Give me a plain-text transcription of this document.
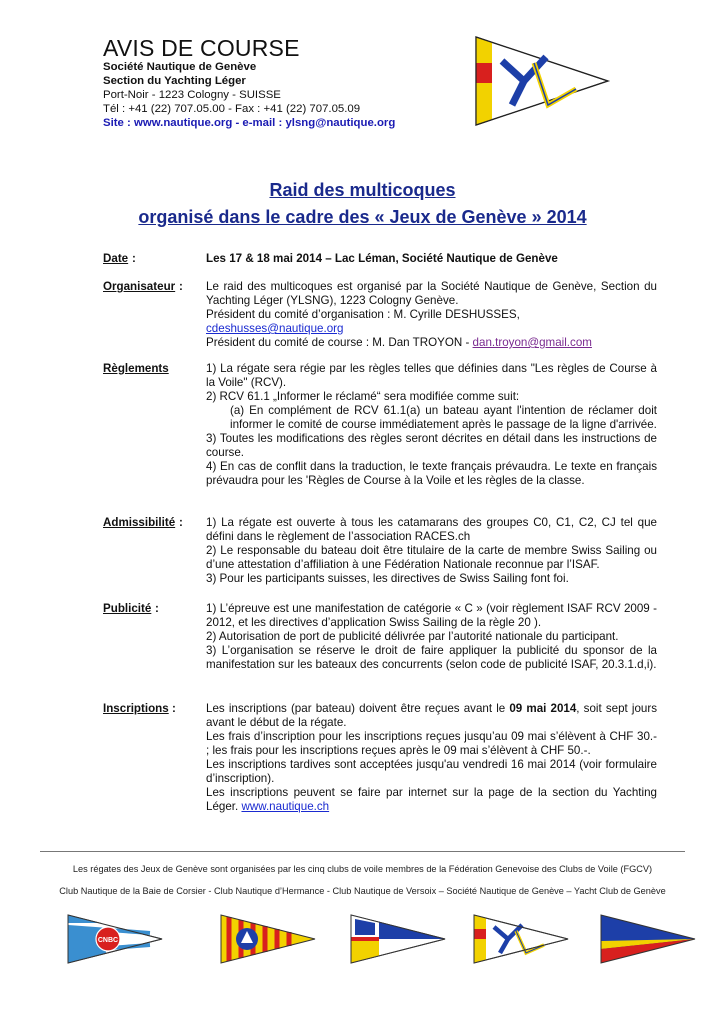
AVIS DE COURSE
Société Nautique de Genève
Section du Yachting Léger
Port-Noir - 1223 Cologny - SUISSE
Tél : +41 (22) 707.05.00 - Fax : +41 (22) 707.05.09
Site : www.nautique.org - e-mail : ylsng@nautique.org
Raid des multicoques
organisé dans le cadre des « Jeux de Genève » 2014
Date :	Les 17 & 18 mai 2014 – Lac Léman, Société Nautique de Genève
Organisateur : Le raid des multicoques est organisé par la Société Nautique de Genève, Section du Yachting Léger (YLSNG), 1223 Cologny Genève.

Président du comité d’organisation : M. Cyrille DESHUSSES,

cdeshusses@nautique.org

Président du comité de course : M. Dan TROYON - dan.troyon@gmail.com

Règlements	1) La régate sera régie par les règles telles que définies dans "Les règles de Course à la Voile" (RCV).

2) RCV 61.1 „Informer le réclamé“ sera modifiée comme suit:

(a) En complément de RCV 61.1(a) un bateau ayant l'intention de réclamer doit informer le comité de course immédiatement après le passage de la ligne d'arrivée.

3) Toutes les modifications des règles seront décrites en détail dans les instructions de course.

4) En cas de conflit dans la traduction, le texte français prévaudra. Le texte en français prévaudra pour les 'Règles de Course à la Voile et les règles de la classe.

Admissibilité : 1) La régate est ouverte à tous les catamarans des groupes C0, C1, C2, CJ tel que défini dans le règlement de l’association RACES.ch

2) Le responsable du bateau doit être titulaire de la carte de membre Swiss Sailing ou d’une attestation d’affiliation à une Fédération Nationale reconnue par l’ISAF.

3) Pour les participants suisses, les directives de Swiss Sailing font foi.

Publicité :	1) L’épreuve est une manifestation de catégorie « C » (voir règlement ISAF RCV 2009 - 2012, et les directives d’application Swiss Sailing de la règle 20 ).

2) Autorisation de port de publicité délivrée par l’autorité nationale du participant.

3) L’organisation se réserve le droit de faire appliquer la publicité du sponsor de la manifestation sur les bateaux des concurrents (selon code de publicité ISAF, 20.3.1.d,i).

Inscriptions :	Les inscriptions (par bateau) doivent être reçues avant le 09 mai 2014, soit sept jours avant le début de la régate.

Les frais d’inscription pour les inscriptions reçues jusqu’au 09 mai s’élèvent à CHF 30.- ; les frais pour les inscriptions reçues après le 09 mai s’élèvent à CHF 50.-.

Les inscriptions tardives sont acceptées jusqu'au vendredi 16 mai 2014 (voir formulaire d’inscription).

Les inscriptions peuvent se faire par internet sur la page de la section du Yachting Léger. www.nautique.ch

Les régates des Jeux de Genève sont organisées par les cinq clubs de voile membres de la Fédération Genevoise des Clubs de Voile (FGCV)
Club Nautique de la Baie de Corsier - Club Nautique d’Hermance - Club Nautique de Versoix – Société Nautique de Genève – Yacht Club de Genève
CNBC
